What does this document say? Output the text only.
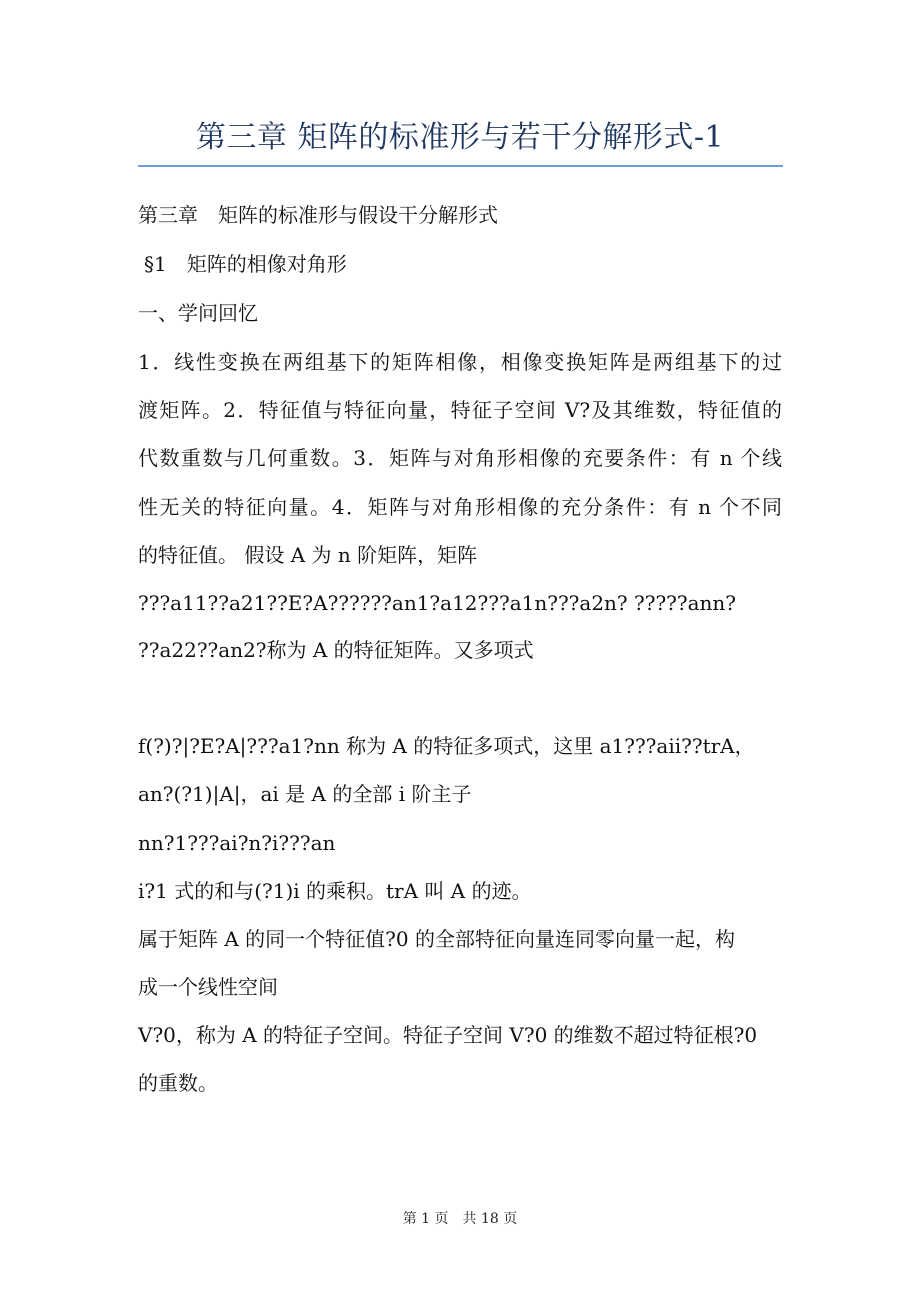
第三章 矩阵的标准形与若干分解形式-1
第三章　矩阵的标准形与假设干分解形式
§1　矩阵的相像对角形
一、学问回忆
1．线性变换在两组基下的矩阵相像，相像变换矩阵是两组基下的过
渡矩阵。2．特征值与特征向量，特征子空间 V?及其维数，特征值的
代数重数与几何重数。3．矩阵与对角形相像的充要条件：有 n 个线
性无关的特征向量。4．矩阵与对角形相像的充分条件：有 n 个不同
的特征值。 假设 A 为 n 阶矩阵，矩阵
???a11??a21??E?A??????an1?a12???a1n???a2n? ?????ann?
??a22??an2?称为 A 的特征矩阵。又多项式
f(?)?|?E?A|???a1?nn 称为 A 的特征多项式，这里 a1???aii??trA，
an?(?1)|A|，ai 是 A 的全部 i 阶主子
nn?1???ai?n?i???an
i?1 式的和与(?1)i 的乘积。trA 叫 A 的迹。
属于矩阵 A 的同一个特征值?0 的全部特征向量连同零向量一起，构
成一个线性空间
V?0，称为 A 的特征子空间。特征子空间 V?0 的维数不超过特征根?0
的重数。
第 1 页　共 18 页
